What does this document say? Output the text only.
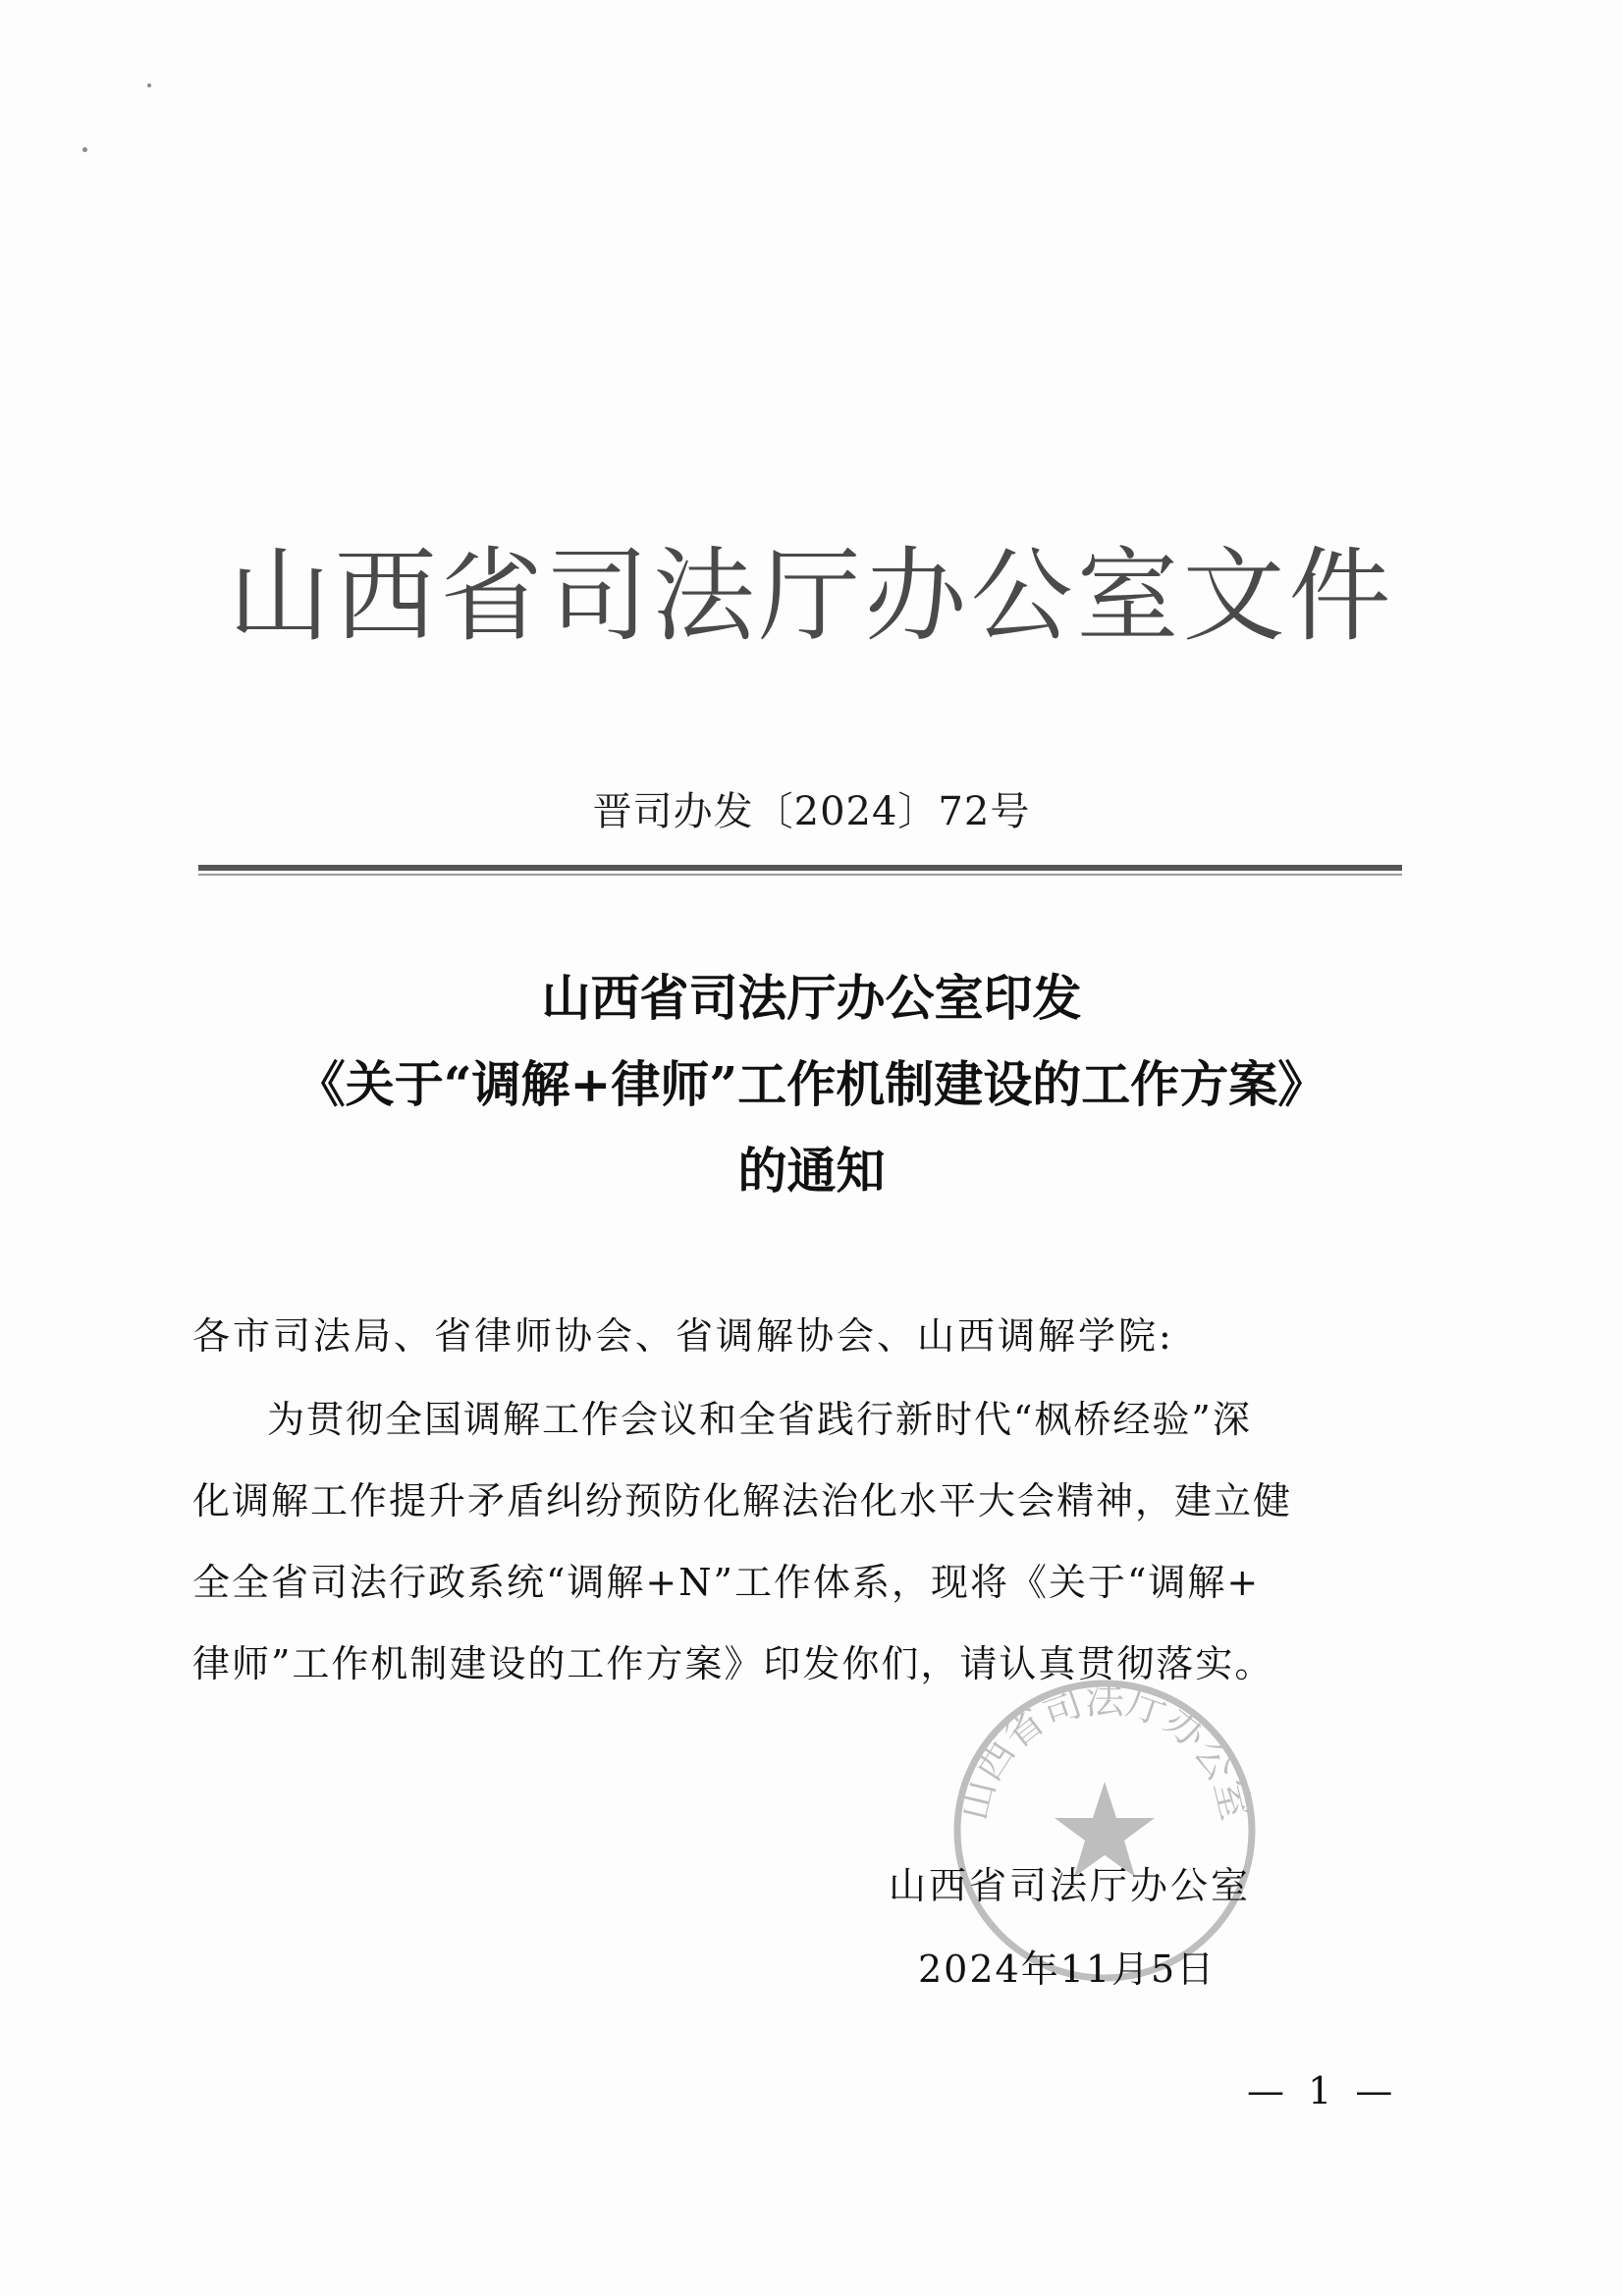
山西省司法厅办公室文件
晋司办发〔2024〕72号
山西省司法厅办公室印发
《关于“调解+律师”工作机制建设的工作方案》
的通知
各市司法局、省律师协会、省调解协会、山西调解学院:
为贯彻全国调解工作会议和全省践行新时代“枫桥经验”深
化调解工作提升矛盾纠纷预防化解法治化水平大会精神，建立健
全全省司法行政系统“调解+N”工作体系，现将《关于“调解+
律师”工作机制建设的工作方案》印发你们，请认真贯彻落实。
山西省司法厅办公室
山西省司法厅办公室
2024年11月5日
— 1 —
